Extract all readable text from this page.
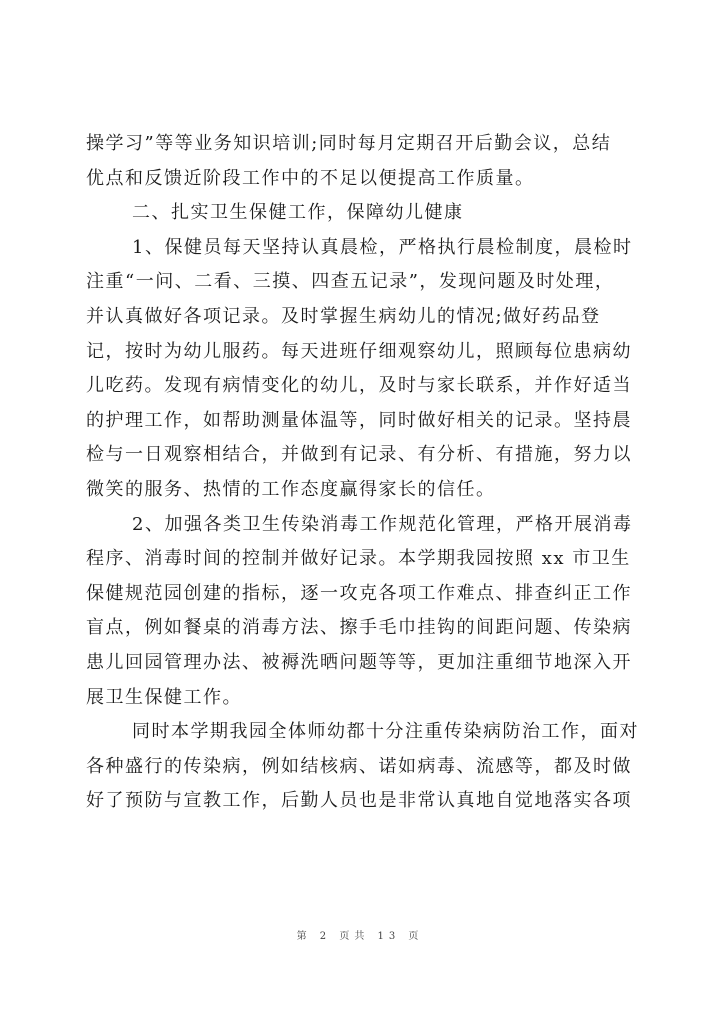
操学习”等等业务知识培训;同时每月定期召开后勤会议，总结
优点和反馈近阶段工作中的不足以便提高工作质量。
二、扎实卫生保健工作，保障幼儿健康
1、保健员每天坚持认真晨检，严格执行晨检制度，晨检时
注重“一问、二看、三摸、四查五记录”，发现问题及时处理，
并认真做好各项记录。及时掌握生病幼儿的情况;做好药品登
记，按时为幼儿服药。每天进班仔细观察幼儿，照顾每位患病幼
儿吃药。发现有病情变化的幼儿，及时与家长联系，并作好适当
的护理工作，如帮助测量体温等，同时做好相关的记录。坚持晨
检与一日观察相结合，并做到有记录、有分析、有措施，努力以
微笑的服务、热情的工作态度赢得家长的信任。
2、加强各类卫生传染消毒工作规范化管理，严格开展消毒
程序、消毒时间的控制并做好记录。本学期我园按照 xx 市卫生
保健规范园创建的指标，逐一攻克各项工作难点、排查纠正工作
盲点，例如餐桌的消毒方法、擦手毛巾挂钩的间距问题、传染病
患儿回园管理办法、被褥洗晒问题等等，更加注重细节地深入开
展卫生保健工作。
同时本学期我园全体师幼都十分注重传染病防治工作，面对
各种盛行的传染病，例如结核病、诺如病毒、流感等，都及时做
好了预防与宣教工作，后勤人员也是非常认真地自觉地落实各项
第 2 页共 13 页
